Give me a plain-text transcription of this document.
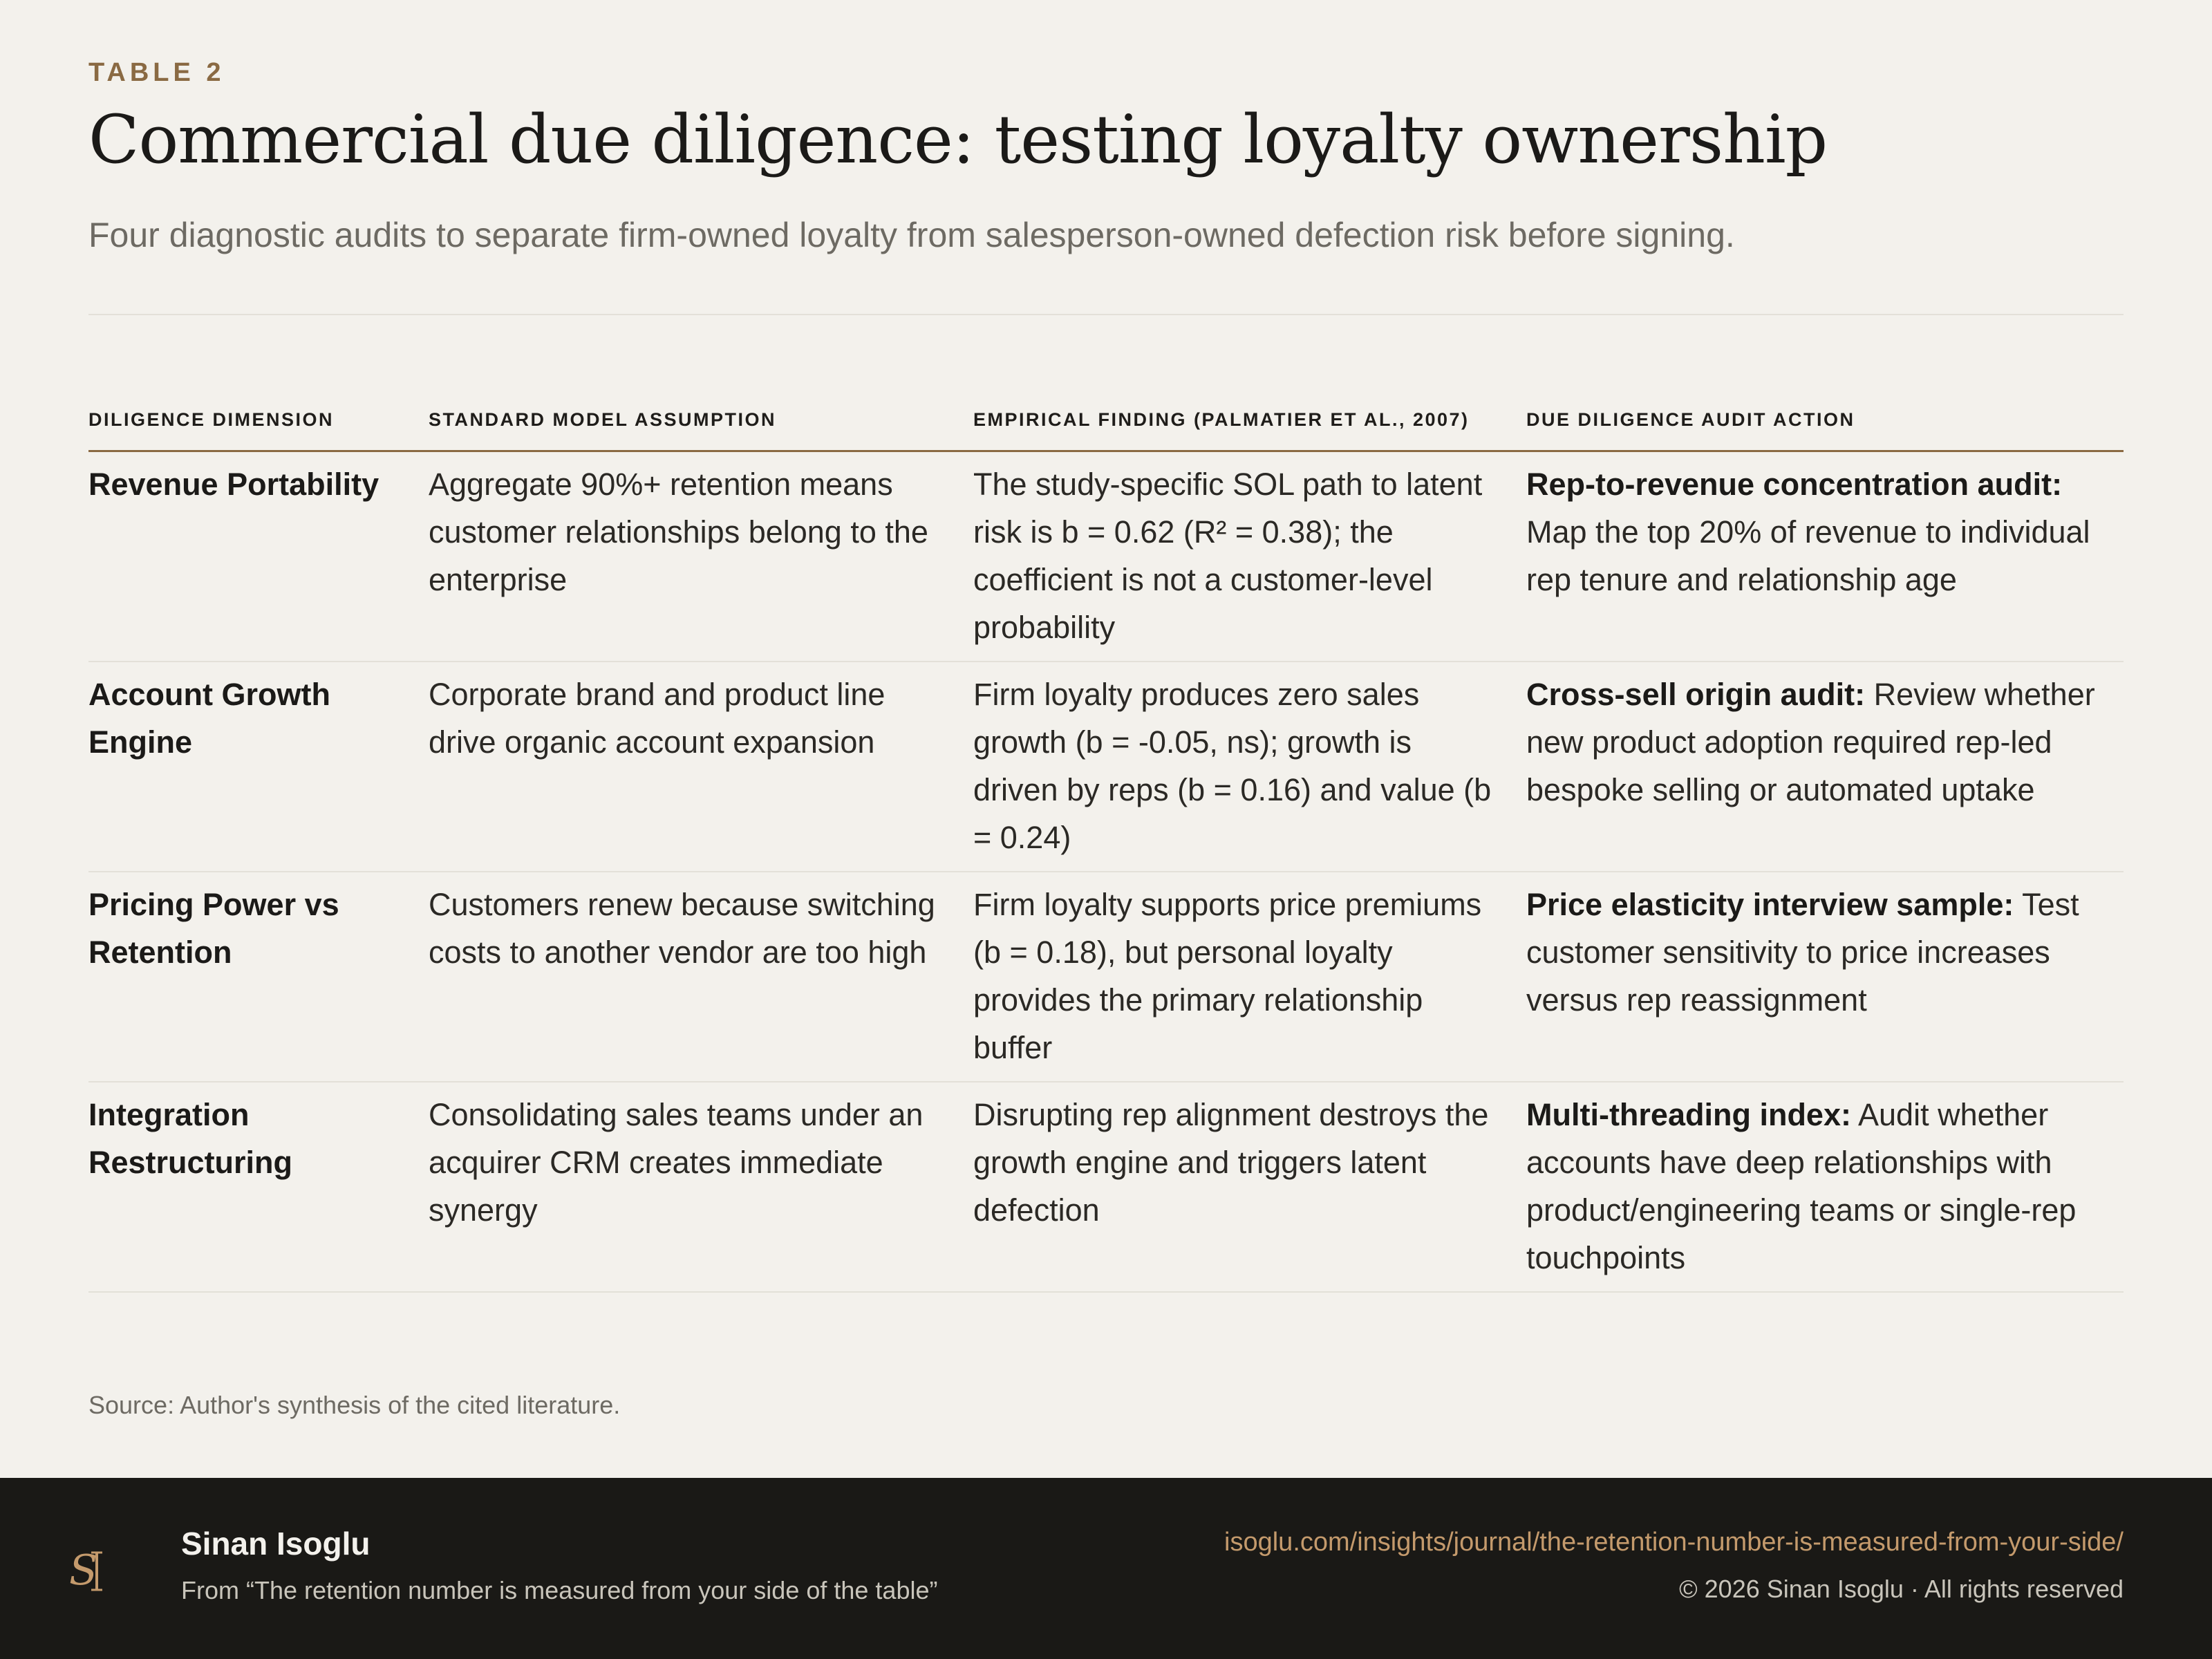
TABLE 2
Commercial due diligence: testing loyalty ownership
Four diagnostic audits to separate firm-owned loyalty from salesperson-owned defection risk before signing.
DILIGENCE DIMENSION	STANDARD MODEL ASSUMPTION	EMPIRICAL FINDING (PALMATIER ET AL., 2007)	DUE DILIGENCE AUDIT ACTION
Revenue Portability	Aggregate 90%+ retention means customer relationships belong to the enterprise	The study-specific SOL path to latent risk is b = 0.62 (R² = 0.38); the coefficient is not a customer-level probability	Rep-to-revenue concentration audit: Map the top 20% of revenue to individual rep tenure and relationship age
Account Growth Engine	Corporate brand and product line drive organic account expansion	Firm loyalty produces zero sales growth (b = -0.05, ns); growth is driven by reps (b = 0.16) and value (b = 0.24)	Cross-sell origin audit: Review whether new product adoption required rep-led bespoke selling or automated uptake
Pricing Power vs Retention	Customers renew because switching costs to another vendor are too high	Firm loyalty supports price premiums (b = 0.18), but personal loyalty provides the primary relationship buffer	Price elasticity interview sample: Test customer sensitivity to price increases versus rep reassignment
Integration Restructuring	Consolidating sales teams under an acquirer CRM creates immediate synergy	Disrupting rep alignment destroys the growth engine and triggers latent defection	Multi-threading index: Audit whether accounts have deep relationships with product/engineering teams or single-rep touchpoints
Source: Author's synthesis of the cited literature.
S
Sinan Isoglu
From “The retention number is measured from your side of the table”
isoglu.com/insights/journal/the-retention-number-is-measured-from-your-side/
© 2026 Sinan Isoglu · All rights reserved
